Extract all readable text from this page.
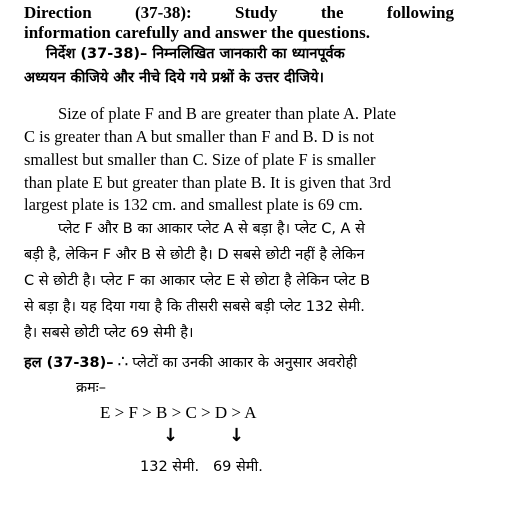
Direction	(37-38):	Study	the	following
information carefully and answer the questions.
निर्देश (37-38)– निम्नलिखित जानकारी का ध्यानपूर्वक
अध्ययन कीजिये और नीचे दिये गये प्रश्नों के उत्तर दीजिये।
Size of plate F and B are greater than plate A. Plate
C is greater than A but smaller than F and B. D is not
smallest but smaller than C. Size of plate F is smaller
than plate E but greater than plate B. It is given that 3rd
largest plate is 132 cm. and smallest plate is 69 cm.
प्लेट F और B का आकार प्लेट A से बड़ा है। प्लेट C, A से
बड़ी है, लेकिन F और B से छोटी है। D सबसे छोटी नहीं है लेकिन
C से छोटी है। प्लेट F का आकार प्लेट E से छोटा है लेकिन प्लेट B
से बड़ा है। यह दिया गया है कि तीसरी सबसे बड़ी प्लेट 132 सेमी.
है। सबसे छोटी प्लेट 69 सेमी है।
हल (37-38)– ∴ प्लेटों का उनकी आकार के अनुसार अवरोही
क्रमः–
E > F > B > C > D > A
↓	↓
132 सेमी.   69 सेमी.
